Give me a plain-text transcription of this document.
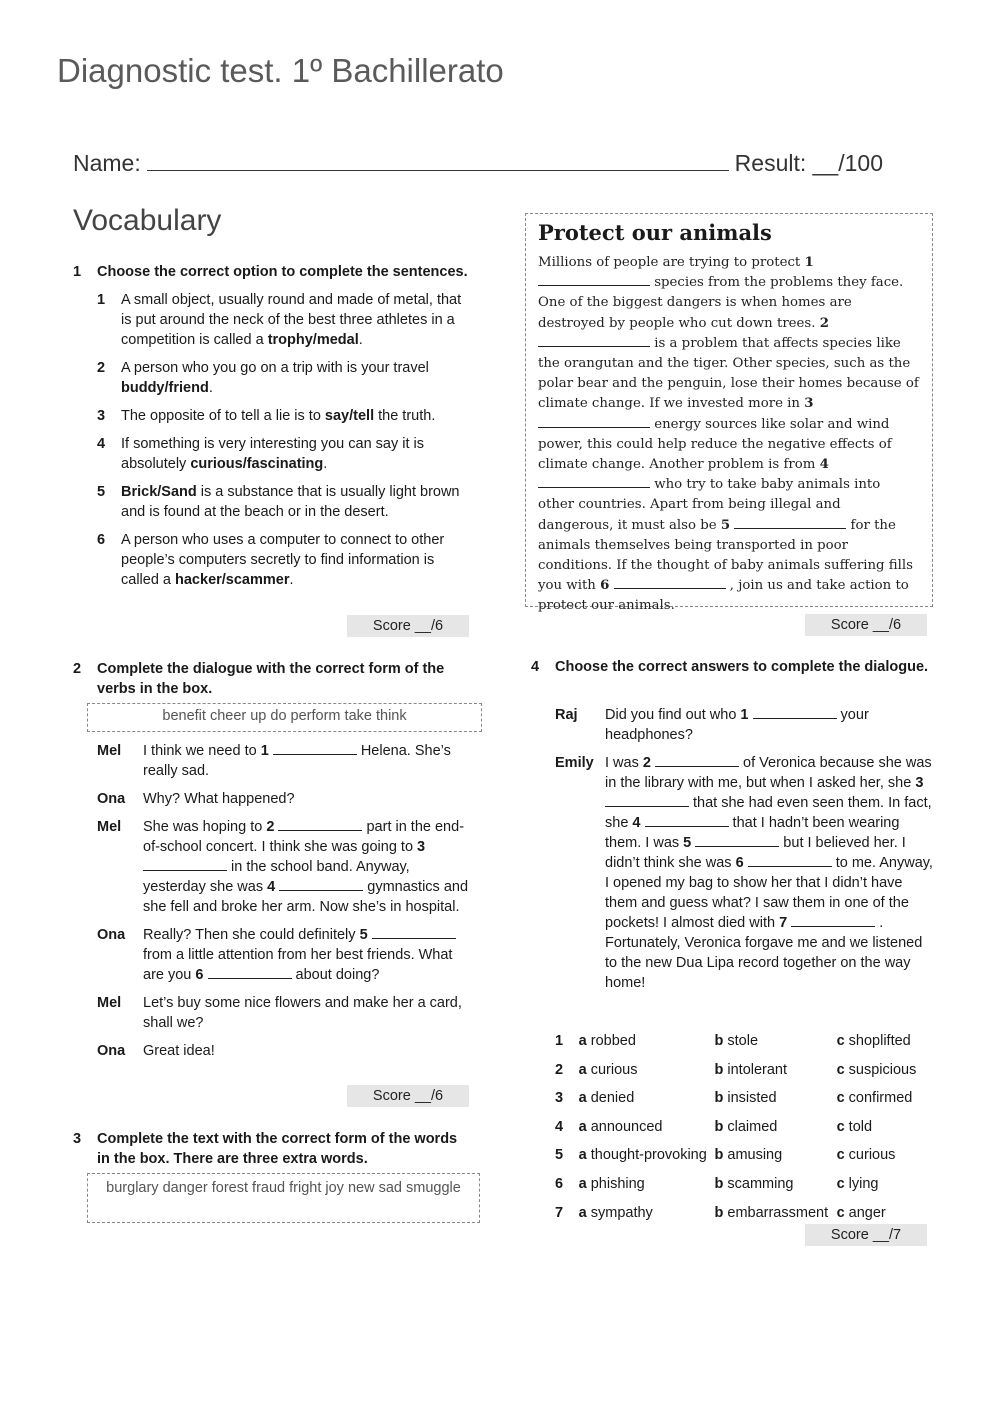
Diagnostic test. 1º Bachillerato
Name:	Result: __/100
Vocabulary
1	Choose the correct option to complete the sentences.
1	A small object, usually round and made of metal, that is put around the neck of the best three athletes in a competition is called a trophy/medal.
2	A person who you go on a trip with is your travel buddy/friend.
3	The opposite of to tell a lie is to say/tell the truth.
4	If something is very interesting you can say it is absolutely curious/fascinating.
5	Brick/Sand is a substance that is usually light brown and is found at the beach or in the desert.
6	A person who uses a computer to connect to other people’s computers secretly to find information is called a hacker/scammer.
Score __/6
2	Complete the dialogue with the correct form of the verbs in the box.
benefit cheer up do perform take think
Mel	I think we need to 1	Helena. She’s really sad.
Ona	Why? What happened?
Mel	She was hoping to 2	part in the end-of-school concert. I think she was going to 3  in the school band. Anyway, yesterday she was 4	gymnastics and she fell and broke her arm. Now she’s in hospital.
Ona	Really? Then she could definitely 5  from a little attention from her best friends. What are you 6	about doing?
Mel	Let’s buy some nice flowers and make her a card, shall we?
Ona	Great idea!
Score __/6
3	Complete the text with the correct form of the words in the box. There are three extra words.
burglary danger forest fraud fright joy new sad smuggle
Protect our animals
Millions of people are trying to protect 1  species from the problems they face. One of the biggest dangers is when homes are destroyed by people who cut down trees. 2  is a problem that affects species like the orangutan and the tiger. Other species, such as the polar bear and the penguin, lose their homes because of climate change. If we invested more in 3  energy sources like solar and wind power, this could help reduce the negative effects of climate change. Another problem is from 4  who try to take baby animals into other countries. Apart from being illegal and dangerous, it must also be 5	for the animals themselves being transported in poor conditions. If the thought of baby animals suffering fills you with 6	, join us and take action to protect our animals.
Score __/6
4	Choose the correct answers to complete the dialogue.
Raj	Did you find out who 1	your headphones?
Emily I was 2	of Veronica because she was in the library with me, but when I asked her, she 3  that she had even seen them. In fact, she 4	that I hadn’t been wearing them. I was 5	but I believed her. I didn’t think she was 6	to me. Anyway, I opened my bag to show her that I didn’t have them and guess what? I saw them in one of the pockets! I almost died with 7	. Fortunately, Veronica forgave me and we listened to the new Dua Lipa record together on the way home!
1	a robbed	b stole	c shoplifted
2	a curious	b intolerant	c suspicious
3	a denied	b insisted	c confirmed
4	a announced	b claimed	c told
5	a thought-provoking b amusing	c curious
6	a phishing	b scamming	c lying
7	a sympathy	b embarrassment c anger
Score __/7
